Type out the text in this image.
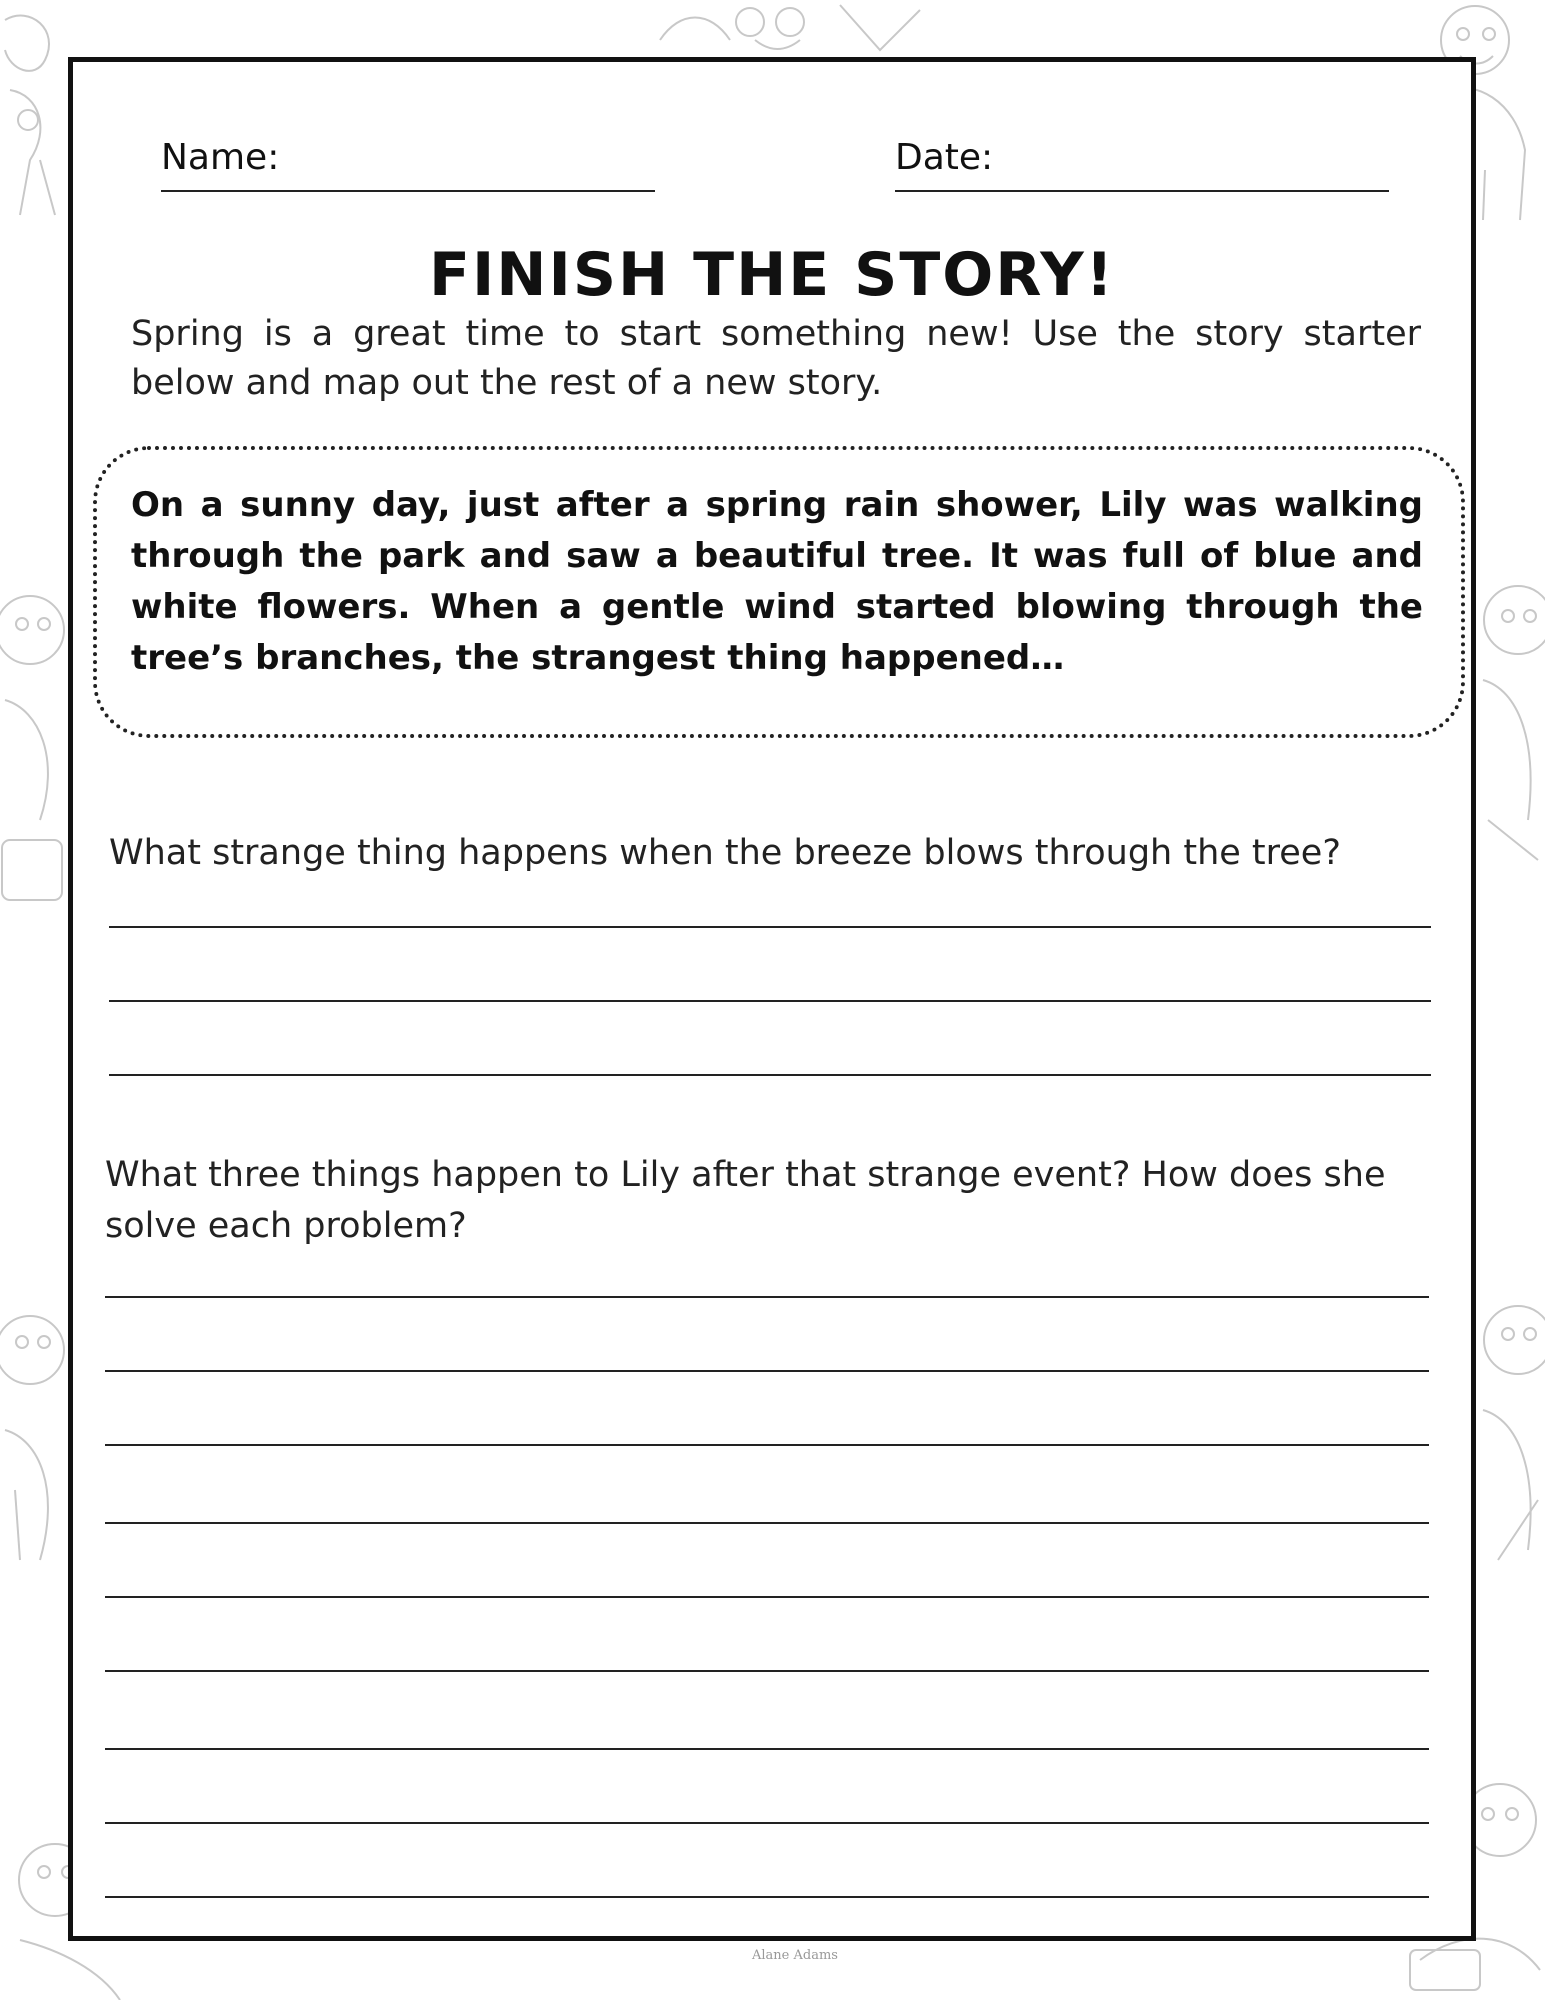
Name:	Date:
FINISH THE STORY!

Spring is a great time to start something new! Use the story starter below and map out the rest of a new story.

On a sunny day, just after a spring rain shower, Lily was walking through the park and saw a beautiful tree. It was full of blue and white flowers. When a gentle wind started blowing through the tree’s branches, the strangest thing happened…

What strange thing happens when the breeze blows through the tree?

What three things happen to Lily after that strange event? How does she solve each problem?

Alane Adams
